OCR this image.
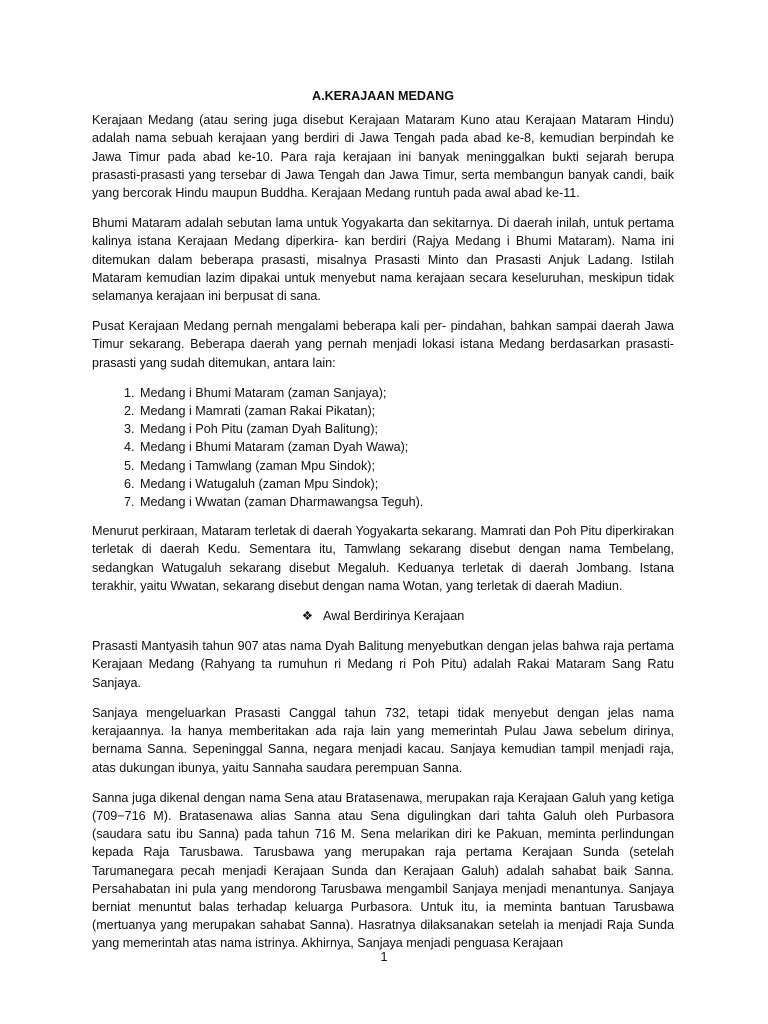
A.KERAJAAN MEDANG

Kerajaan Medang (atau sering juga disebut Kerajaan Mataram Kuno atau Kerajaan Mataram Hindu) adalah nama sebuah kerajaan yang berdiri di Jawa Tengah pada abad ke-8, kemudian berpindah ke Jawa Timur pada abad ke-10. Para raja kerajaan ini banyak meninggalkan bukti sejarah berupa prasasti-prasasti yang tersebar di Jawa Tengah dan Jawa Timur, serta membangun banyak candi, baik yang bercorak Hindu maupun Buddha. Kerajaan Medang runtuh pada awal abad ke-11.

Bhumi Mataram adalah sebutan lama untuk Yogyakarta dan sekitarnya. Di daerah inilah, untuk pertama kalinya istana Kerajaan Medang diperkira- kan berdiri (Rajya Medang i Bhumi Mataram). Nama ini ditemukan dalam beberapa prasasti, misalnya Prasasti Minto dan Prasasti Anjuk Ladang. Istilah Mataram kemudian lazim dipakai untuk menyebut nama kerajaan secara keseluruhan, meskipun tidak selamanya kerajaan ini berpusat di sana.

Pusat Kerajaan Medang pernah mengalami beberapa kali per- pindahan, bahkan sampai daerah Jawa Timur sekarang. Beberapa daerah yang pernah menjadi lokasi istana Medang berdasarkan prasasti-prasasti yang sudah ditemukan, antara lain:

1. Medang i Bhumi Mataram (zaman Sanjaya);
2. Medang i Mamrati (zaman Rakai Pikatan);
3. Medang i Poh Pitu (zaman Dyah Balitung);
4. Medang i Bhumi Mataram (zaman Dyah Wawa);
5. Medang i Tamwlang (zaman Mpu Sindok);
6. Medang i Watugaluh (zaman Mpu Sindok);
7. Medang i Wwatan (zaman Dharmawangsa Teguh).

Menurut perkiraan, Mataram terletak di daerah Yogyakarta sekarang. Mamrati dan Poh Pitu diperkirakan terletak di daerah Kedu. Sementara itu, Tamwlang sekarang disebut dengan nama Tembelang, sedangkan Watugaluh sekarang disebut Megaluh. Keduanya terletak di daerah Jombang. Istana terakhir, yaitu Wwatan, sekarang disebut dengan nama Wotan, yang terletak di daerah Madiun.

❖ Awal Berdirinya Kerajaan

Prasasti Mantyasih tahun 907 atas nama Dyah Balitung menyebutkan dengan jelas bahwa raja pertama Kerajaan Medang (Rahyang ta rumuhun ri Medang ri Poh Pitu) adalah Rakai Mataram Sang Ratu Sanjaya.

Sanjaya mengeluarkan Prasasti Canggal tahun 732, tetapi tidak menyebut dengan jelas nama kerajaannya. Ia hanya memberitakan ada raja lain yang memerintah Pulau Jawa sebelum dirinya, bernama Sanna. Sepeninggal Sanna, negara menjadi kacau. Sanjaya kemudian tampil menjadi raja, atas dukungan ibunya, yaitu Sannaha saudara perempuan Sanna.

Sanna juga dikenal dengan nama Sena atau Bratasenawa, merupakan raja Kerajaan Galuh yang ketiga (709−716 M). Bratasenawa alias Sanna atau Sena digulingkan dari tahta Galuh oleh Purbasora (saudara satu ibu Sanna) pada tahun 716 M. Sena melarikan diri ke Pakuan, meminta perlindungan kepada Raja Tarusbawa. Tarusbawa yang merupakan raja pertama Kerajaan Sunda (setelah Tarumanegara pecah menjadi Kerajaan Sunda dan Kerajaan Galuh) adalah sahabat baik Sanna. Persahabatan ini pula yang mendorong Tarusbawa mengambil Sanjaya menjadi menantunya. Sanjaya berniat menuntut balas terhadap keluarga Purbasora. Untuk itu, ia meminta bantuan Tarusbawa (mertuanya yang merupakan sahabat Sanna). Hasratnya dilaksanakan setelah ia menjadi Raja Sunda yang memerintah atas nama istrinya. Akhirnya, Sanjaya menjadi penguasa Kerajaan

1
